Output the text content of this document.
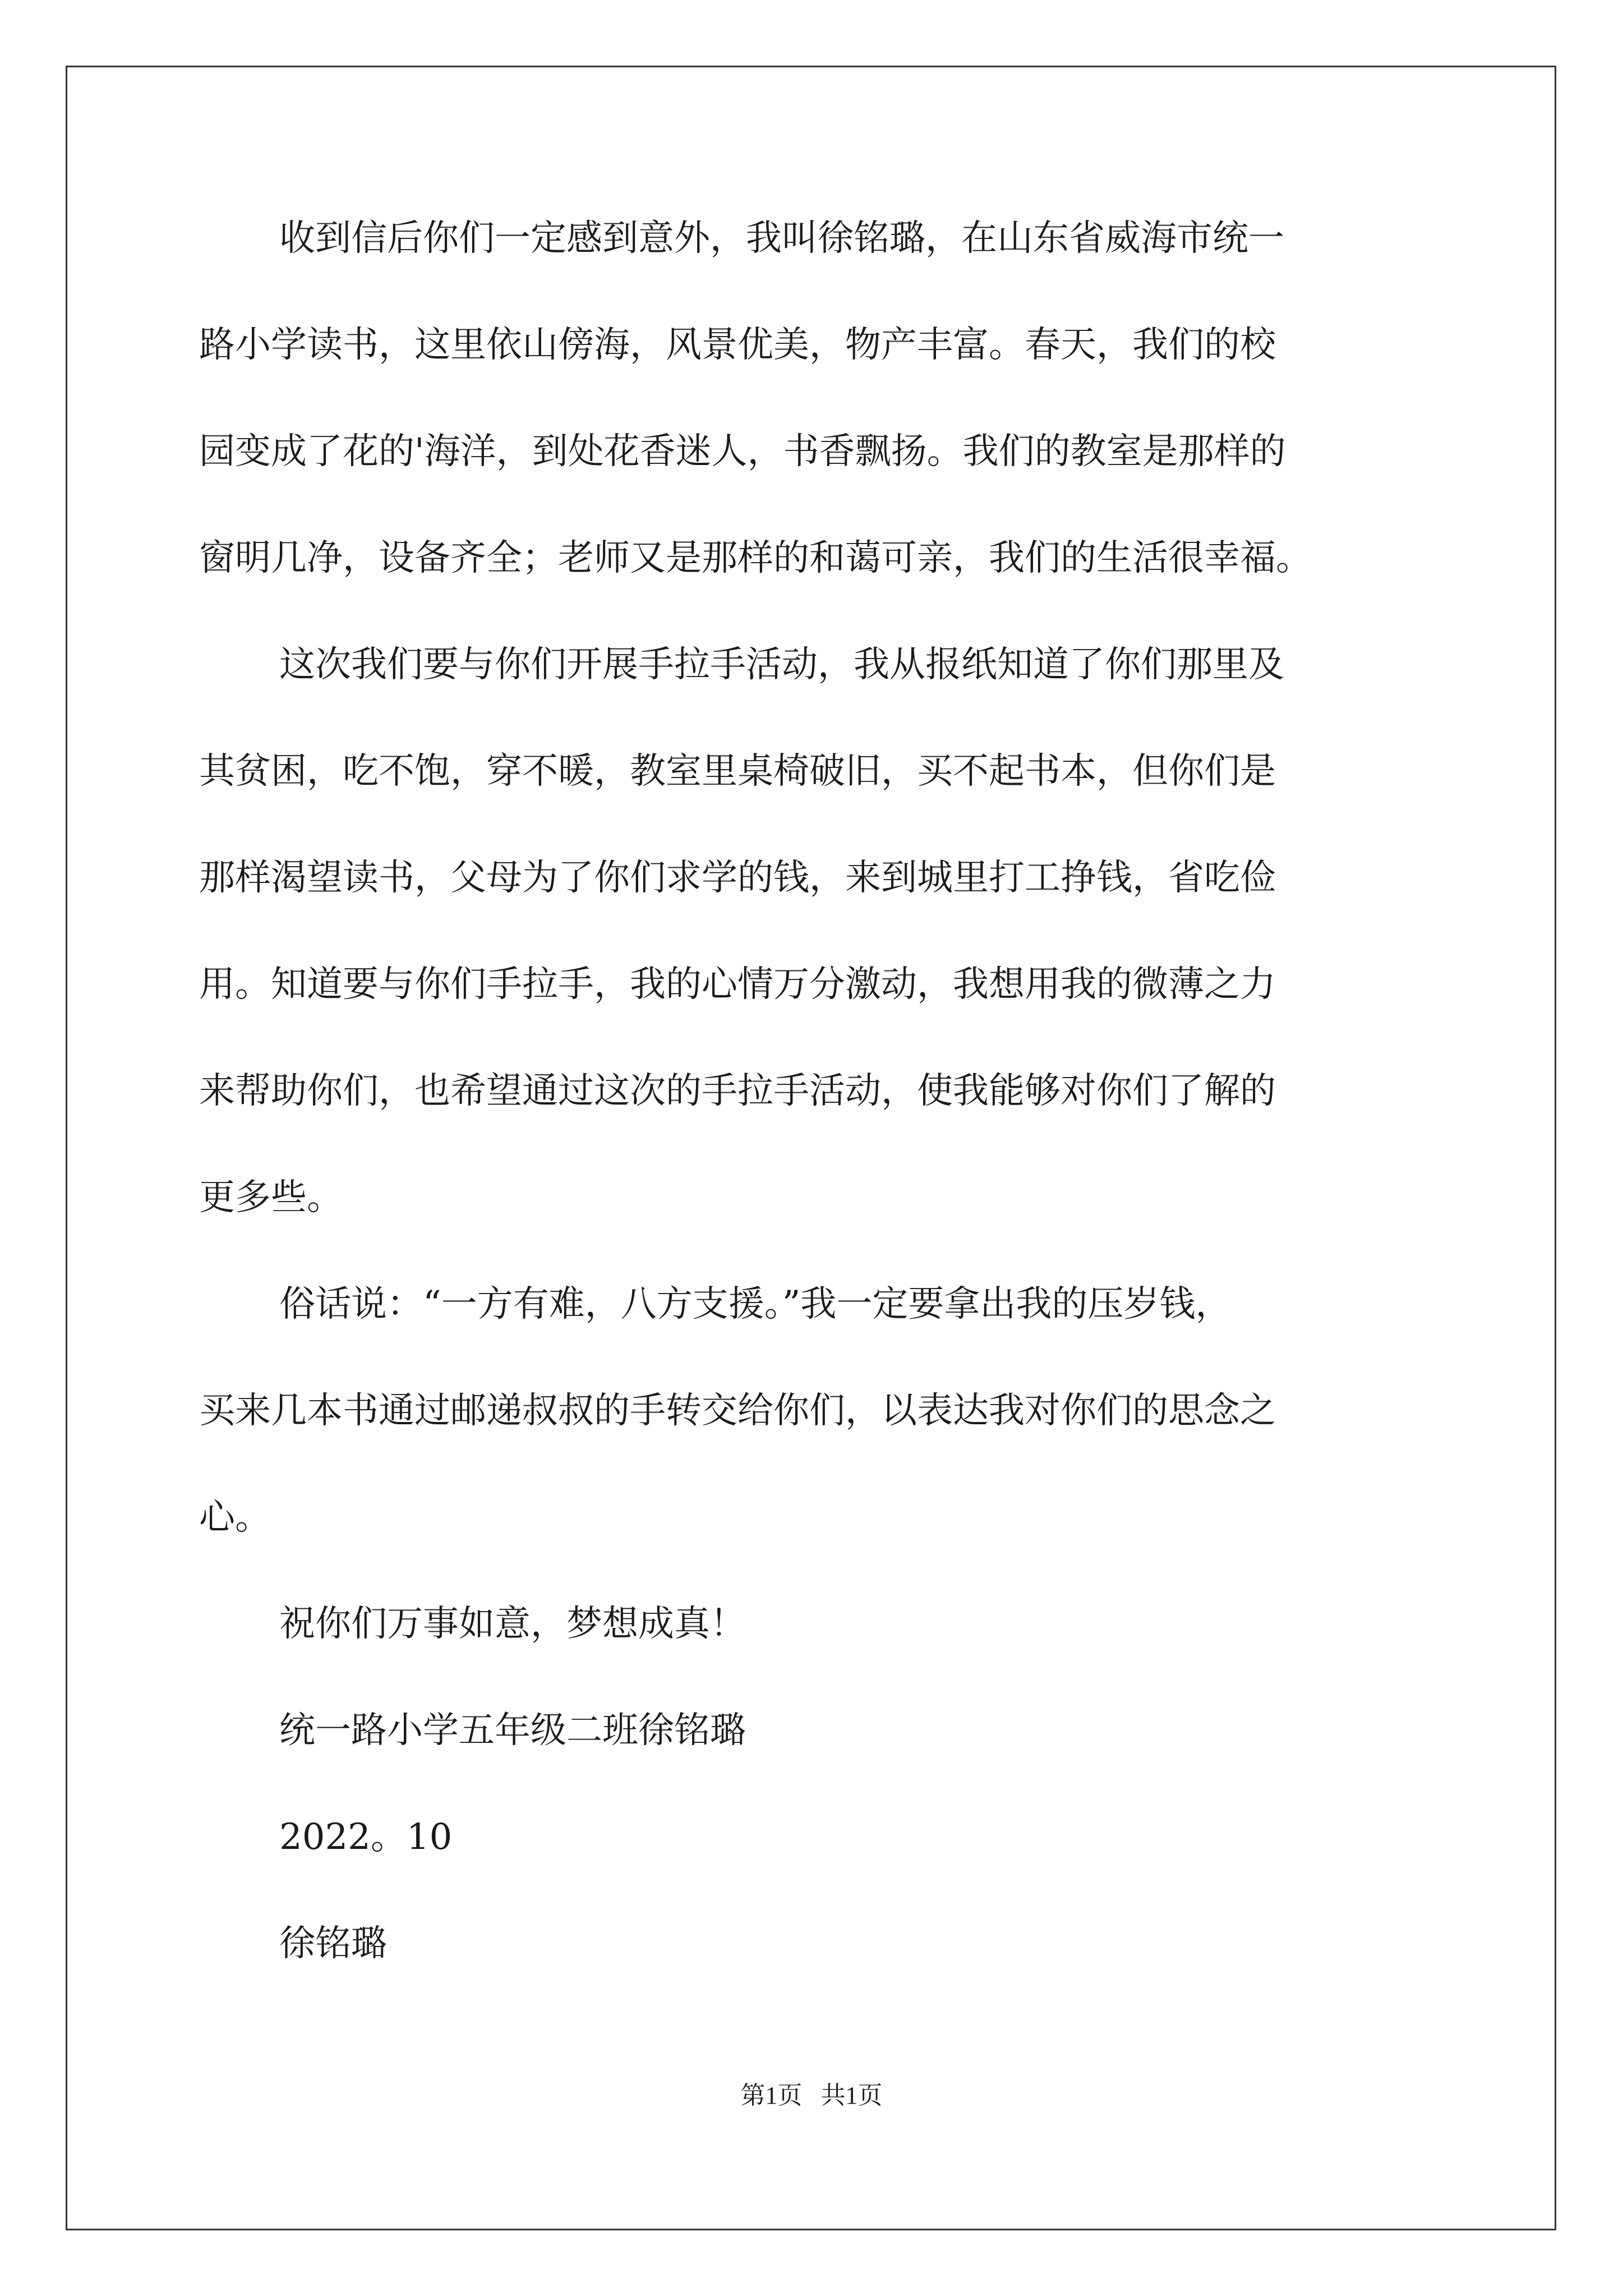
收到信后你们一定感到意外，我叫徐铭璐，在山东省威海市统一
路小学读书，这里依山傍海，风景优美，物产丰富。春天，我们的校
园变成了花的'海洋，到处花香迷人，书香飘扬。我们的教室是那样的
窗明几净，设备齐全；老师又是那样的和蔼可亲，我们的生活很幸福。
这次我们要与你们开展手拉手活动，我从报纸知道了你们那里及
其贫困，吃不饱，穿不暖，教室里桌椅破旧，买不起书本，但你们是
那样渴望读书，父母为了你们求学的钱，来到城里打工挣钱，省吃俭
用。知道要与你们手拉手，我的心情万分激动，我想用我的微薄之力
来帮助你们，也希望通过这次的手拉手活动，使我能够对你们了解的
更多些。
俗话说：“一方有难，八方支援。”我一定要拿出我的压岁钱，
买来几本书通过邮递叔叔的手转交给你们，以表达我对你们的思念之
心。
祝你们万事如意，梦想成真！
统一路小学五年级二班徐铭璐
2022。10
徐铭璐
第1页   共1页
